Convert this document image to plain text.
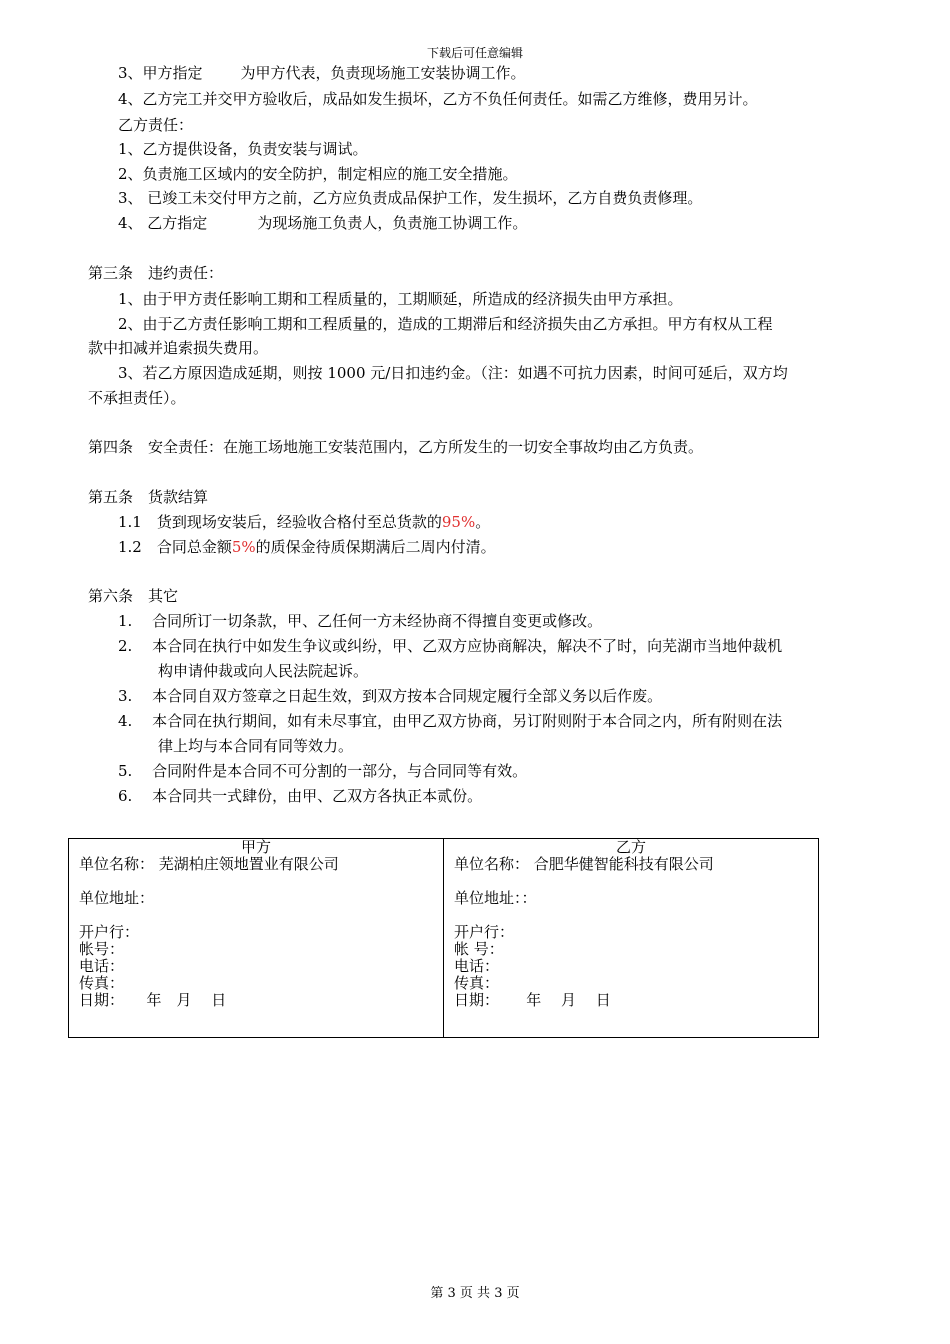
下载后可任意编辑
3、甲方指定	为甲方代表，负责现场施工安装协调工作。
4、乙方完工并交甲方验收后，成品如发生损坏，乙方不负任何责任。如需乙方维修，费用另计。
乙方责任：
1、乙方提供设备，负责安装与调试。
2、负责施工区域内的安全防护，制定相应的施工安全措施。
3、 已竣工未交付甲方之前，乙方应负责成品保护工作，发生损坏，乙方自费负责修理。
4、 乙方指定	为现场施工负责人，负责施工协调工作。
第三条　违约责任：
1、由于甲方责任影响工期和工程质量的，工期顺延，所造成的经济损失由甲方承担。
2、由于乙方责任影响工期和工程质量的，造成的工期滞后和经济损失由乙方承担。甲方有权从工程
款中扣减并追索损失费用。
3、若乙方原因造成延期，则按 1000 元/日扣违约金。（注：如遇不可抗力因素，时间可延后，双方均
不承担责任）。
第四条　安全责任：在施工场地施工安装范围内，乙方所发生的一切安全事故均由乙方负责。
第五条　货款结算
1.1　货到现场安装后，经验收合格付至总货款的95%。
1.2　合同总金额5%的质保金待质保期满后二周内付清。
第六条　其它
1.　 合同所订一切条款，甲、乙任何一方未经协商不得擅自变更或修改。
2.　 本合同在执行中如发生争议或纠纷，甲、乙双方应协商解决，解决不了时，向芜湖市当地仲裁机
构申请仲裁或向人民法院起诉。
3.　 本合同自双方签章之日起生效，到双方按本合同规定履行全部义务以后作废。
4.　 本合同在执行期间，如有未尽事宜，由甲乙双方协商，另订附则附于本合同之内，所有附则在法
律上均与本合同有同等效力。
5.　 合同附件是本合同不可分割的一部分，与合同同等有效。
6.　 本合同共一式肆份，由甲、乙双方各执正本贰份。
甲方
单位名称： 芜湖柏庄领地置业有限公司
单位地址：
开户行：
帐号：
电话：
传真：
日期：　　年　月　 日

乙方
单位名称： 合肥华健智能科技有限公司
单位地址：：
开户行：
帐 号：
电话：
传真：
日期：　　 年　 月　 日
第 3 页 共 3 页
